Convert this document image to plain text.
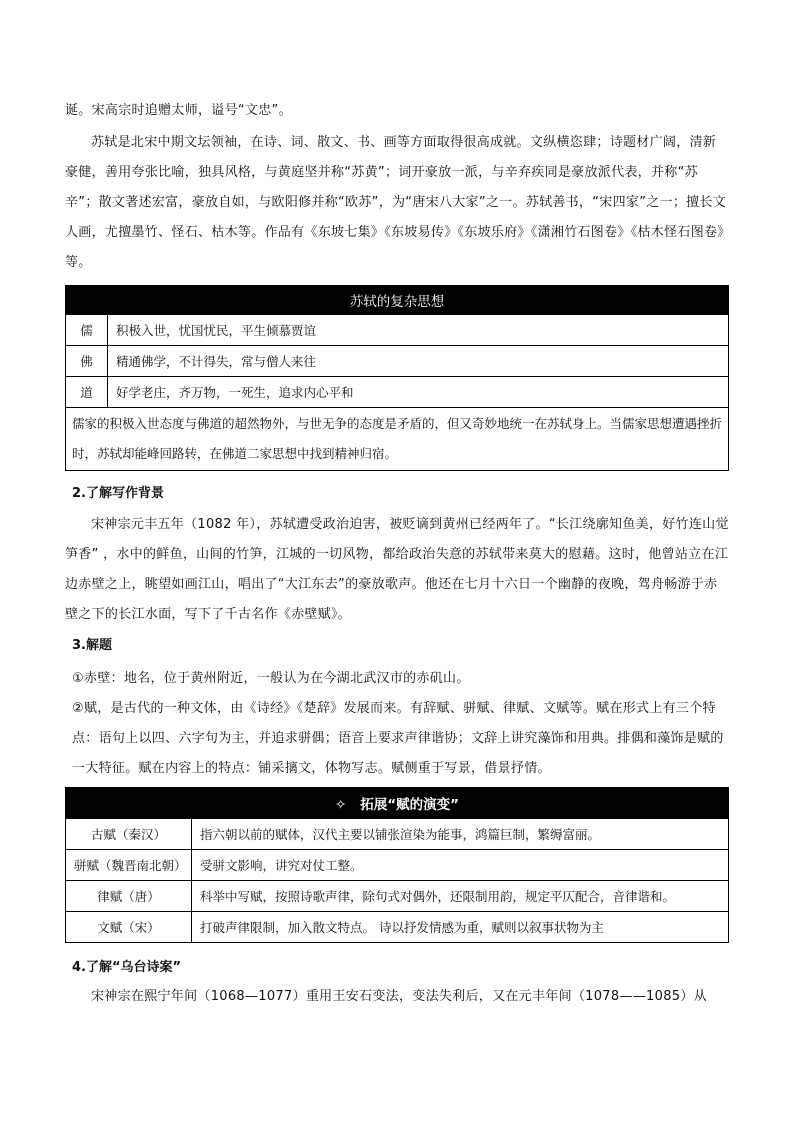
诞。宋高宗时追赠太师，谥号“文忠”。

苏轼是北宋中期文坛领袖，在诗、词、散文、书、画等方面取得很高成就。文纵横恣肆；诗题材广阔，清新豪健，善用夸张比喻，独具风格，与黄庭坚并称“苏黄”；词开豪放一派，与辛弃疾同是豪放派代表，并称“苏辛”；散文著述宏富，豪放自如，与欧阳修并称“欧苏”，为“唐宋八大家”之一。苏轼善书，“宋四家”之一；擅长文人画，尤擅墨竹、怪石、枯木等。作品有《东坡七集》《东坡易传》《东坡乐府》《潇湘竹石图卷》《枯木怪石图卷》等。

苏轼的复杂思想	
儒	积极入世，忧国忧民，平生倾慕贾谊
佛	精通佛学，不计得失，常与僧人来往
道	好学老庄，齐万物，一死生，追求内心平和
儒家的积极入世态度与佛道的超然物外，与世无争的态度是矛盾的，但又奇妙地统一在苏轼身上。当儒家思想遭遇挫折时，苏轼却能峰回路转，在佛道二家思想中找到精神归宿。	

2.了解写作背景

宋神宗元丰五年（1082 年），苏轼遭受政治迫害，被贬谪到黄州已经两年了。“长江绕廓知鱼美，好竹连山觉笋香” ，水中的鲜鱼，山间的竹笋，江城的一切风物，都给政治失意的苏轼带来莫大的慰藉。这时，他曾站立在江边赤壁之上，眺望如画江山，唱出了“大江东去”的豪放歌声。他还在七月十六日一个幽静的夜晚，驾舟畅游于赤壁之下的长江水面，写下了千古名作《赤壁赋》。

3.解题

①赤壁：地名，位于黄州附近，一般认为在今湖北武汉市的赤矶山。

②赋，是古代的一种文体，由《诗经》《楚辞》发展而来。有辞赋、骈赋、律赋、文赋等。赋在形式上有三个特点：语句上以四、六字句为主，并追求骈偶；语音上要求声律谐协；文辞上讲究藻饰和用典。排偶和藻饰是赋的一大特征。赋在内容上的特点：铺采摛文，体物写志。赋侧重于写景，借景抒情。

✧ 拓展“赋的演变”	
古赋（秦汉）	指六朝以前的赋体，汉代主要以铺张渲染为能事，鸿篇巨制，繁缛富丽。
骈赋（魏晋南北朝）	受骈文影响，讲究对仗工整。
律赋（唐）	科举中写赋，按照诗歌声律，除句式对偶外，还限制用韵，规定平仄配合，音律谐和。
文赋（宋）	打破声律限制，加入散文特点。 诗以抒发情感为重，赋则以叙事状物为主

4.了解“乌台诗案”

宋神宗在熙宁年间（1068—1077）重用王安石变法，变法失利后，又在元丰年间（1078——1085）从
